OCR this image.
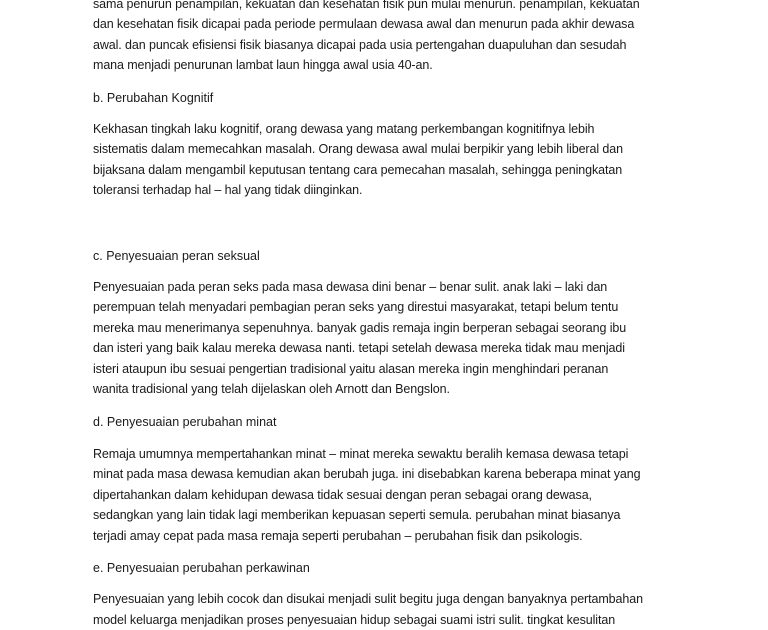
sama penurun penampilan, kekuatan dan kesehatan fisik pun mulai menurun. penampilan, kekuatan
dan kesehatan fisik dicapai pada periode permulaan dewasa awal dan menurun pada akhir dewasa
awal. dan puncak efisiensi fisik biasanya dicapai pada usia pertengahan duapuluhan dan sesudah
mana menjadi penurunan lambat laun hingga awal usia 40-an.

b. Perubahan Kognitif

Kekhasan tingkah laku kognitif, orang dewasa yang matang perkembangan kognitifnya lebih
sistematis dalam memecahkan masalah. Orang dewasa awal mulai berpikir yang lebih liberal dan
bijaksana dalam mengambil keputusan tentang cara pemecahan masalah, sehingga peningkatan
toleransi terhadap hal – hal yang tidak diinginkan.

c. Penyesuaian peran seksual

Penyesuaian pada peran seks pada masa dewasa dini benar – benar sulit. anak laki – laki dan
perempuan telah menyadari pembagian peran seks yang direstui masyarakat, tetapi belum tentu
mereka mau menerimanya sepenuhnya. banyak gadis remaja ingin berperan sebagai seorang ibu
dan isteri yang baik kalau mereka dewasa nanti. tetapi setelah dewasa mereka tidak mau menjadi
isteri ataupun ibu sesuai pengertian tradisional yaitu alasan mereka ingin menghindari peranan
wanita tradisional yang telah dijelaskan oleh Arnott dan Bengslon.

d. Penyesuaian perubahan minat

Remaja umumnya mempertahankan minat – minat mereka sewaktu beralih kemasa dewasa tetapi
minat pada masa dewasa kemudian akan berubah juga. ini disebabkan karena beberapa minat yang
dipertahankan dalam kehidupan dewasa tidak sesuai dengan peran sebagai orang dewasa,
sedangkan yang lain tidak lagi memberikan kepuasan seperti semula. perubahan minat biasanya
terjadi amay cepat pada masa remaja seperti perubahan – perubahan fisik dan psikologis.

e. Penyesuaian perubahan perkawinan

Penyesuaian yang lebih cocok dan disukai menjadi sulit begitu juga dengan banyaknya pertambahan
model keluarga menjadikan proses penyesuaian hidup sebagai suami istri sulit. tingkat kesulitan
